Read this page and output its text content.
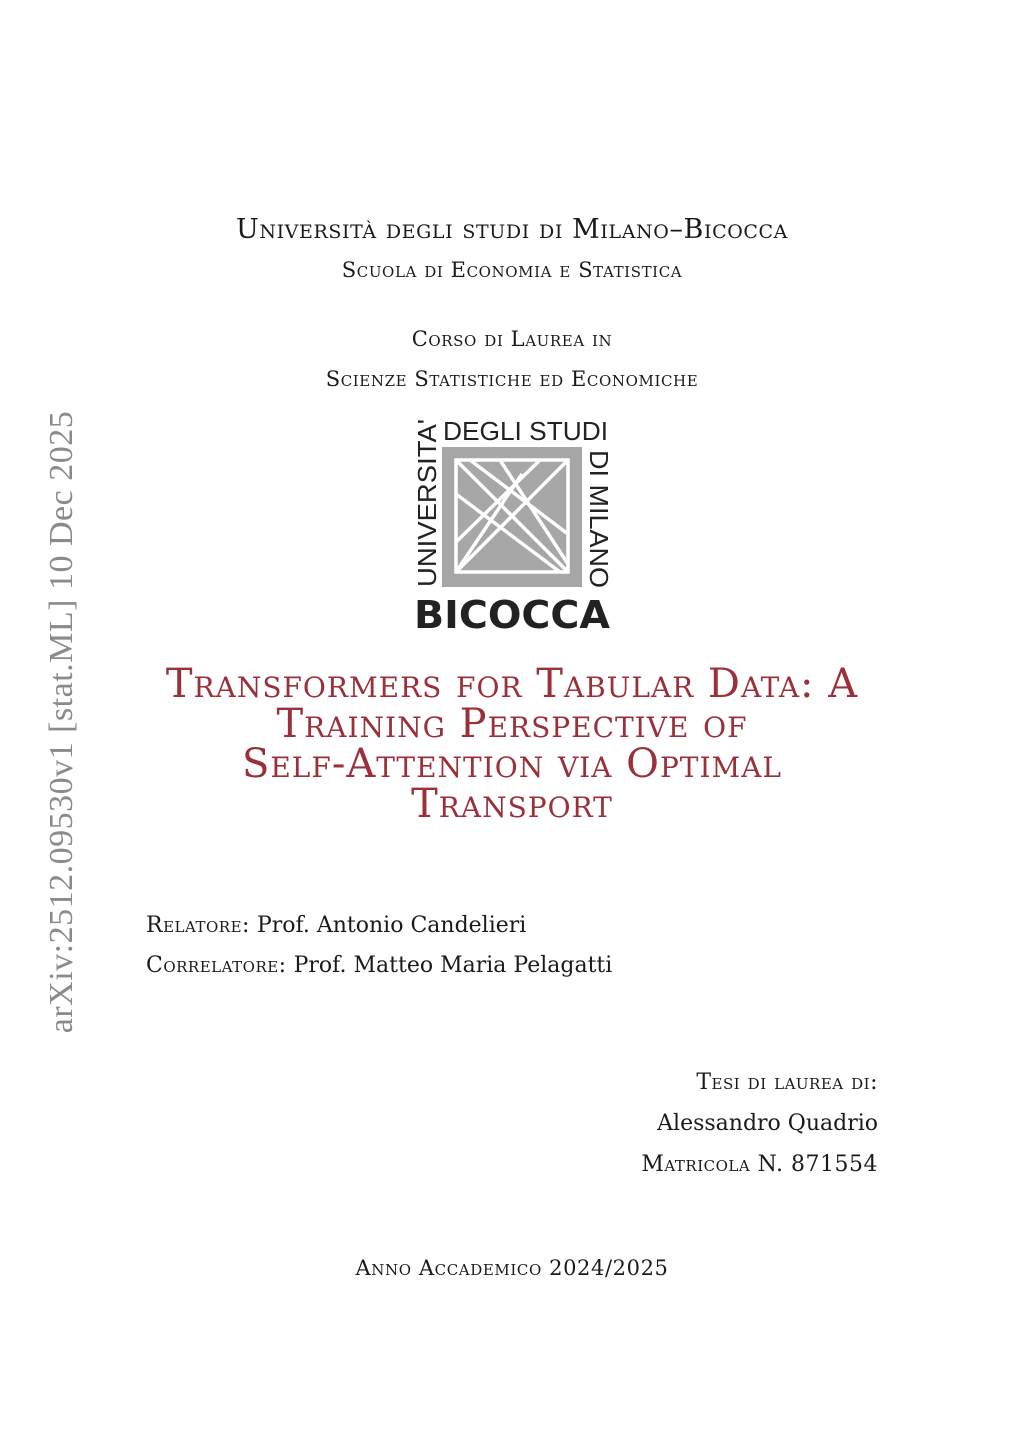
arXiv:2512.09530v1 [stat.ML] 10 Dec 2025
Università degli studi di Milano–Bicocca
Scuola di Economia e Statistica
Corso di Laurea in
Scienze Statistiche ed Economiche
DEGLI STUDI
UNIVERSITA'	DI MILANO
BICOCCA
Transformers for Tabular Data: A
Training Perspective of
Self-Attention via Optimal
Transport
Relatore: Prof. Antonio Candelieri
Correlatore: Prof. Matteo Maria Pelagatti
Tesi di laurea di:
Alessandro Quadrio
Matricola N. 871554
Anno Accademico 2024/2025
